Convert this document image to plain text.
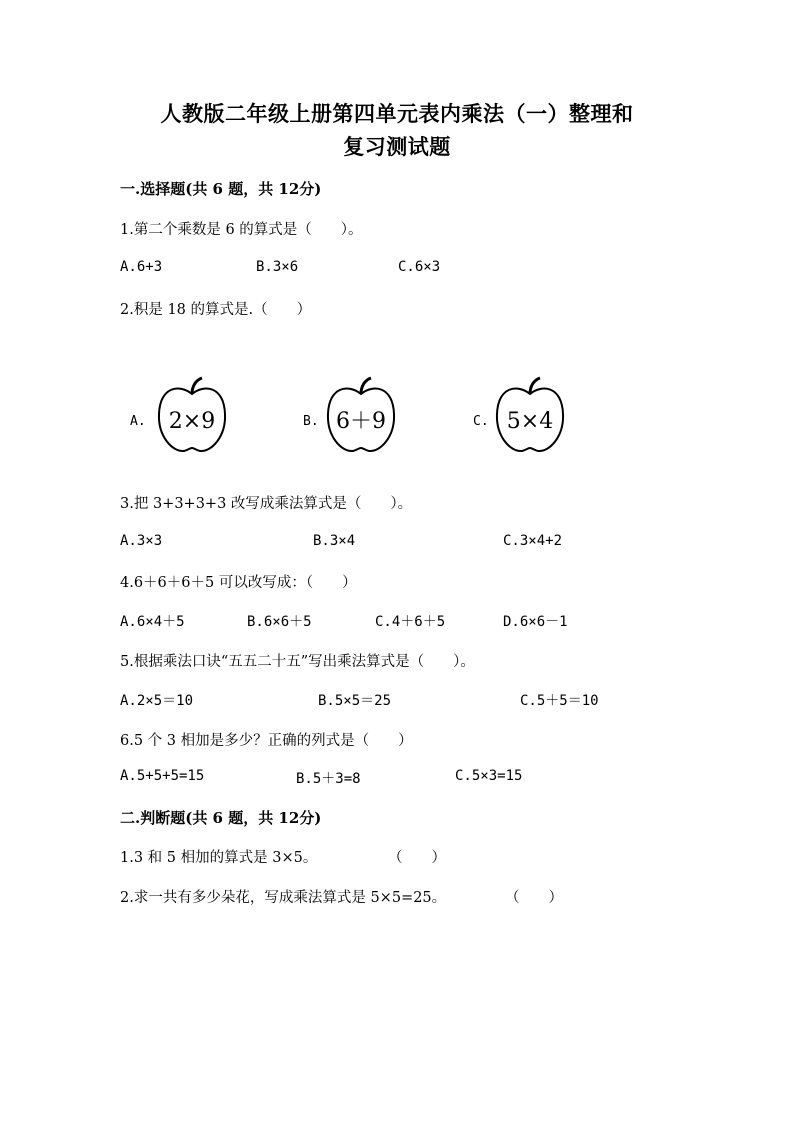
人教版二年级上册第四单元表内乘法（一）整理和
复习测试题
一.选择题(共 6 题，共 12分)
1.第二个乘数是 6 的算式是（　　）。
A.6+3	B.3×6	C.6×3
2.积是 18 的算式是.（　　）
A. 2×9	B. 6＋9	C. 5×4
3.把 3+3+3+3 改写成乘法算式是（　　）。
A.3×3	B.3×4	C.3×4+2
4.6＋6＋6＋5 可以改写成：（　　）
A.6×4＋5	B.6×6＋5	C.4＋6＋5	D.6×6－1
5.根据乘法口诀“五五二十五”写出乘法算式是（　　）。
A.2×5＝10	B.5×5＝25	C.5＋5＝10
6.5 个 3 相加是多少？正确的列式是（　　）
A.5+5+5=15	B.5＋3=8	C.5×3=15
二.判断题(共 6 题，共 12分)
1.3 和 5 相加的算式是 3×5。	（　　）
2.求一共有多少朵花，写成乘法算式是 5×5=25。	（　　）
